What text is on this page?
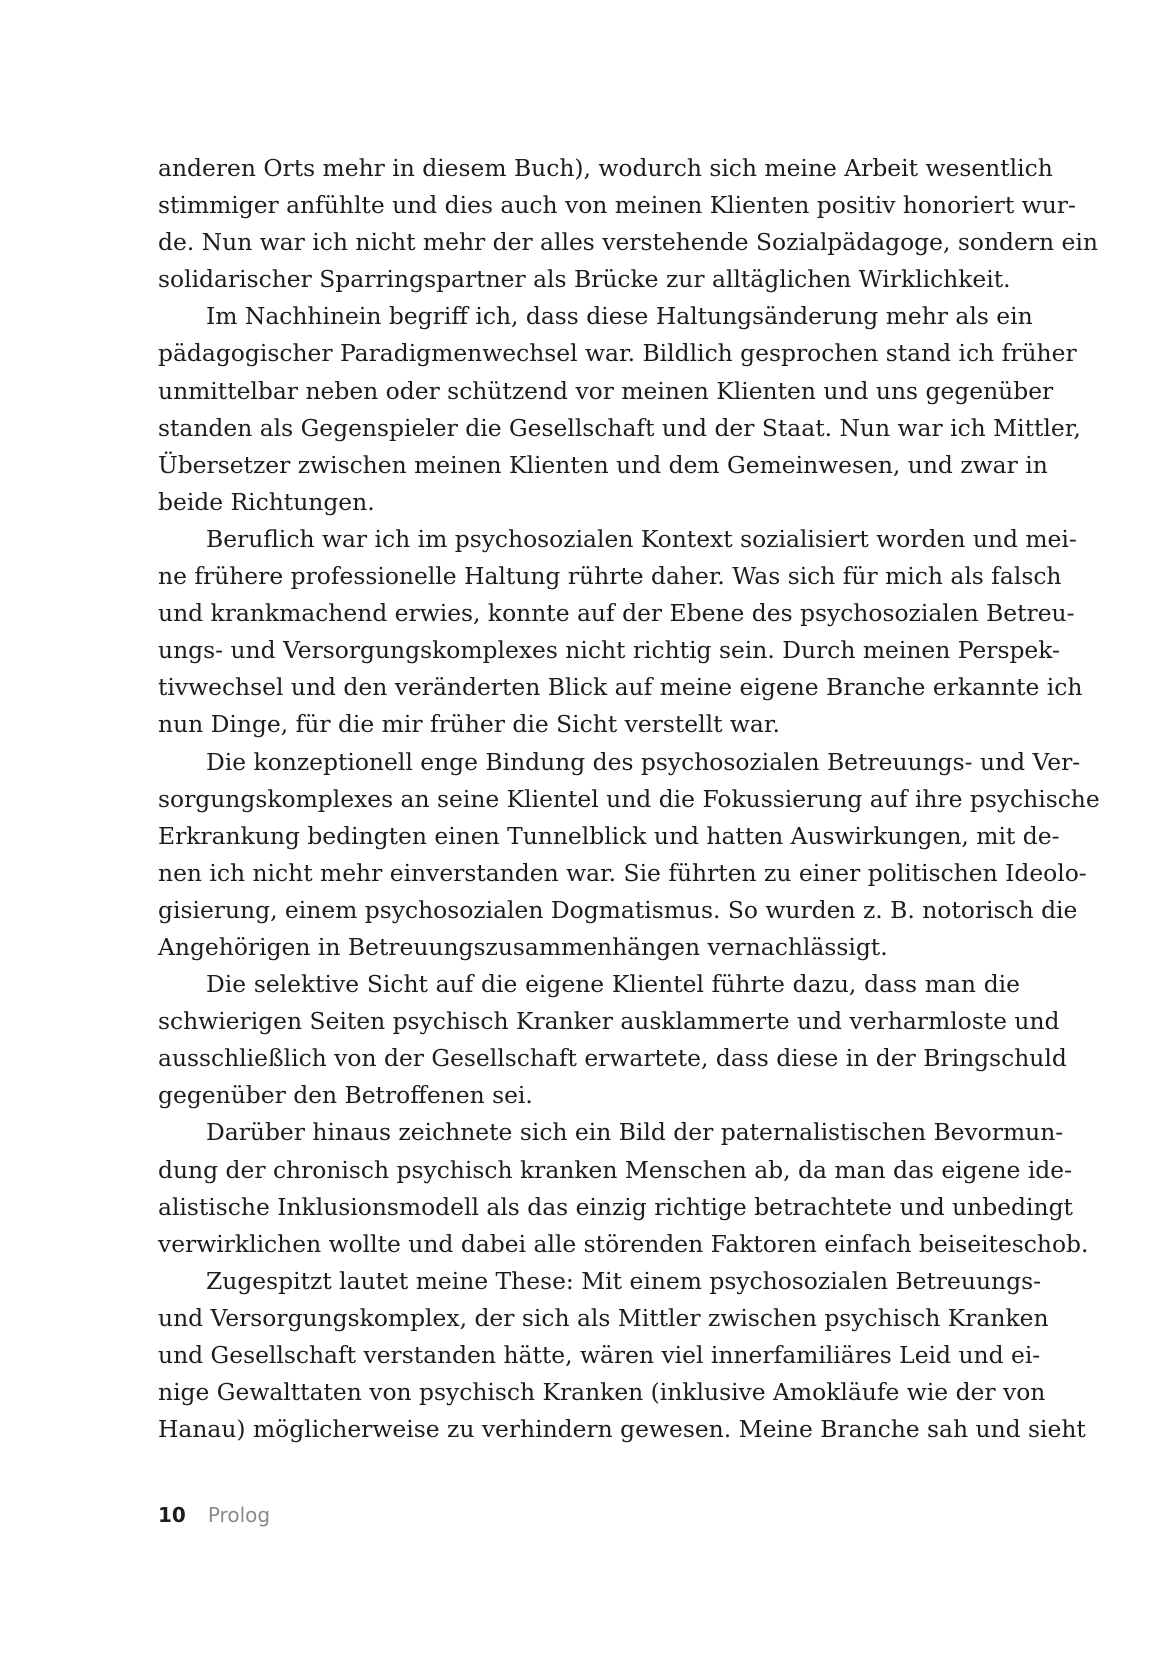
anderen Orts mehr in diesem Buch), wodurch sich meine Arbeit wesentlich
stimmiger anfühlte und dies auch von meinen Klienten positiv honoriert wur-
de. Nun war ich nicht mehr der alles verstehende Sozialpädagoge, sondern ein
solidarischer Sparringspartner als Brücke zur alltäglichen Wirklichkeit.
Im Nachhinein begriff ich, dass diese Haltungsänderung mehr als ein
pädagogischer Paradigmenwechsel war. Bildlich gesprochen stand ich früher
unmittelbar neben oder schützend vor meinen Klienten und uns gegenüber
standen als Gegenspieler die Gesellschaft und der Staat. Nun war ich Mittler,
Übersetzer zwischen meinen Klienten und dem Gemeinwesen, und zwar in
beide Richtungen.
Beruflich war ich im psychosozialen Kontext sozialisiert worden und mei-
ne frühere professionelle Haltung rührte daher. Was sich für mich als falsch
und krankmachend erwies, konnte auf der Ebene des psychosozialen Betreu-
ungs- und Versorgungskomplexes nicht richtig sein. Durch meinen Perspek-
tivwechsel und den veränderten Blick auf meine eigene Branche erkannte ich
nun Dinge, für die mir früher die Sicht verstellt war.
Die konzeptionell enge Bindung des psychosozialen Betreuungs- und Ver-
sorgungskomplexes an seine Klientel und die Fokussierung auf ihre psychische
Erkrankung bedingten einen Tunnelblick und hatten Auswirkungen, mit de-
nen ich nicht mehr einverstanden war. Sie führten zu einer politischen Ideolo-
gisierung, einem psychosozialen Dogmatismus. So wurden z. B. notorisch die
Angehörigen in Betreuungszusammenhängen vernachlässigt.
Die selektive Sicht auf die eigene Klientel führte dazu, dass man die
schwierigen Seiten psychisch Kranker ausklammerte und verharmloste und
ausschließlich von der Gesellschaft erwartete, dass diese in der Bringschuld
gegenüber den Betroffenen sei.
Darüber hinaus zeichnete sich ein Bild der paternalistischen Bevormun-
dung der chronisch psychisch kranken Menschen ab, da man das eigene ide-
alistische Inklusionsmodell als das einzig richtige betrachtete und unbedingt
verwirklichen wollte und dabei alle störenden Faktoren einfach beiseiteschob.
Zugespitzt lautet meine These: Mit einem psychosozialen Betreuungs-
und Versorgungskomplex, der sich als Mittler zwischen psychisch Kranken
und Gesellschaft verstanden hätte, wären viel innerfamiliäres Leid und ei-
nige Gewalttaten von psychisch Kranken (inklusive Amokläufe wie der von
Hanau) möglicherweise zu verhindern gewesen. Meine Branche sah und sieht
10 Prolog
